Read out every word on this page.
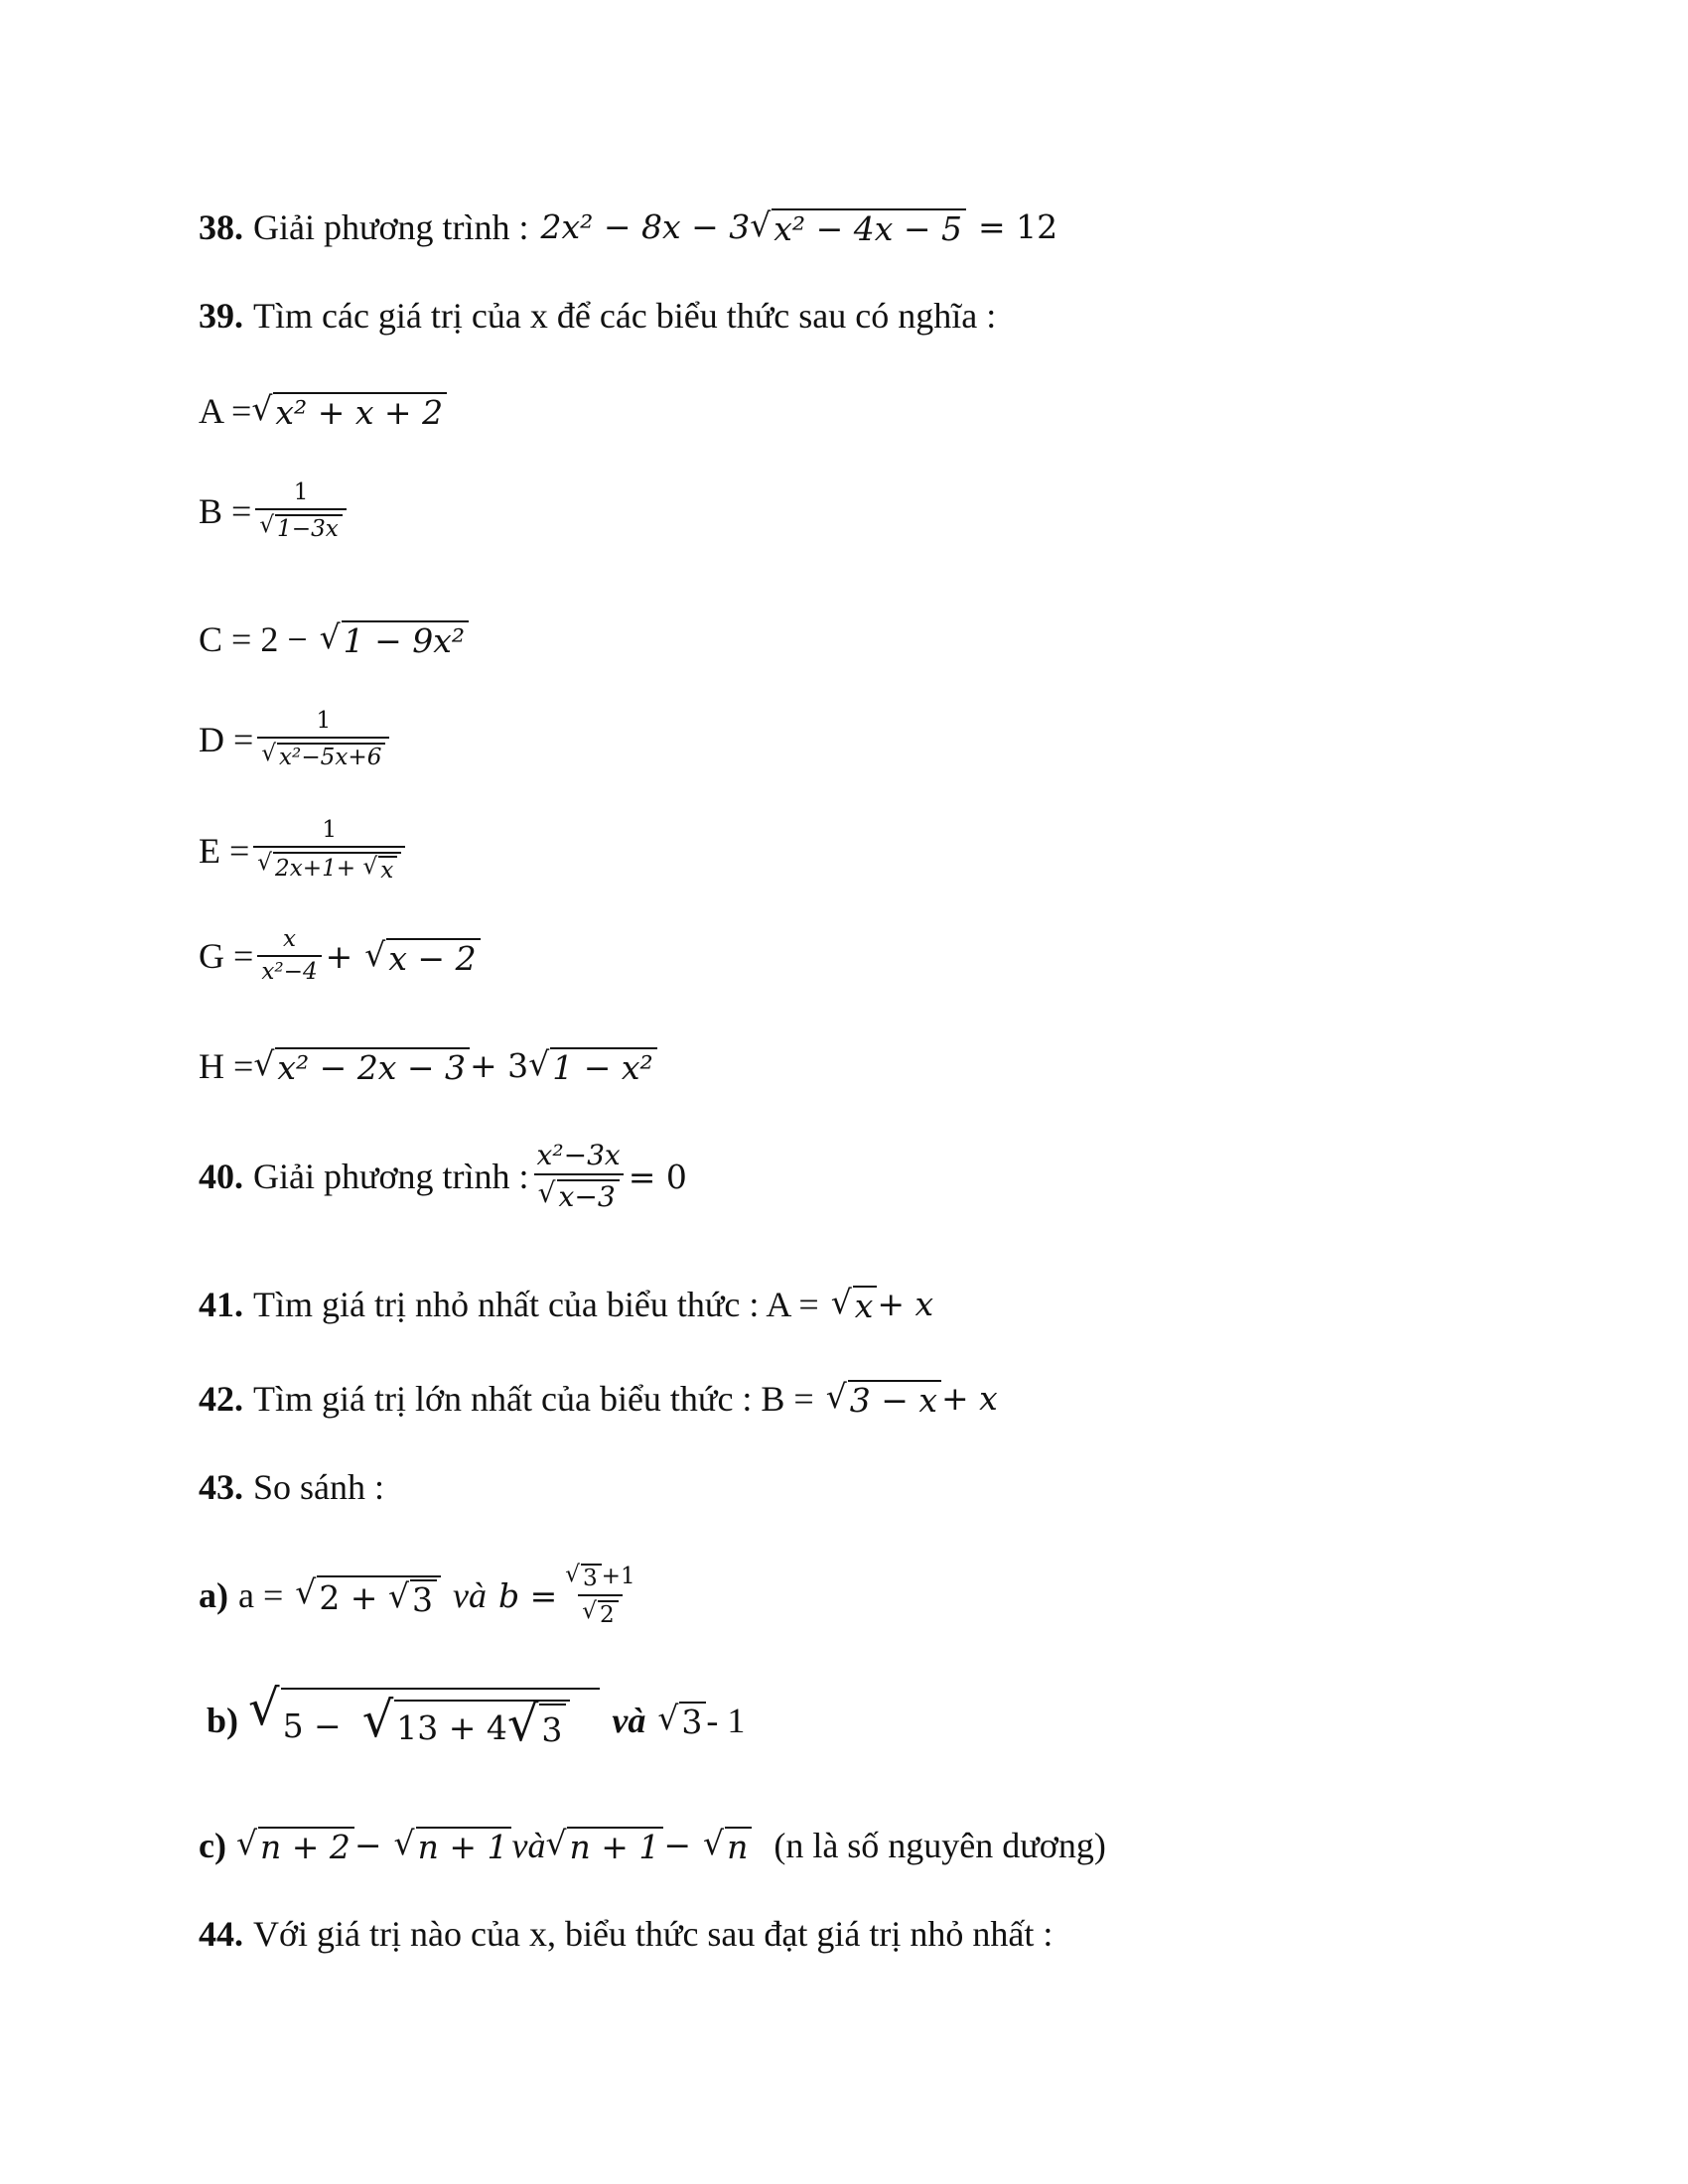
38. Giải phương trình : 2x² − 8x − 3 √ x² − 4x − 5 = 12
39. Tìm các giá trị của x để các biểu thức sau có nghĩa :
A = √ x² + x + 2
$B = \frac{1}{√ 1-3x}$
C = 2 − √ 1 − 9x²
$D = \frac{1}{\text{√ x²−5x+6}}$
E = 1
√ 2x+1+
√ x
$G = \frac{x}{\text{x²−4}}$ + √ x − 2
H = √ x² − 2x − 3 + 3 √ 1 − x²
40. Giải phương trình : $\frac{\text{x²−3x}}{√ x-3} = 0$
41. Tìm giá trị nhỏ nhất của biểu thức : A = √ x + x
42. Tìm giá trị lớn nhất của biểu thức : B = √ 3 − x + x
43. So sánh :
a) a = √ 2 +
√ 3 và $b = \frac{√ 3 +1}{√ 2}$
b) √ 5 −
√ 13 + 4 √ 3 và √ 3 - 1
c) √ n + 2 − √ n + 1 và √ n + 1 − √ n (n là số nguyên dương)
44. Với giá trị nào của x, biểu thức sau đạt giá trị nhỏ nhất :
